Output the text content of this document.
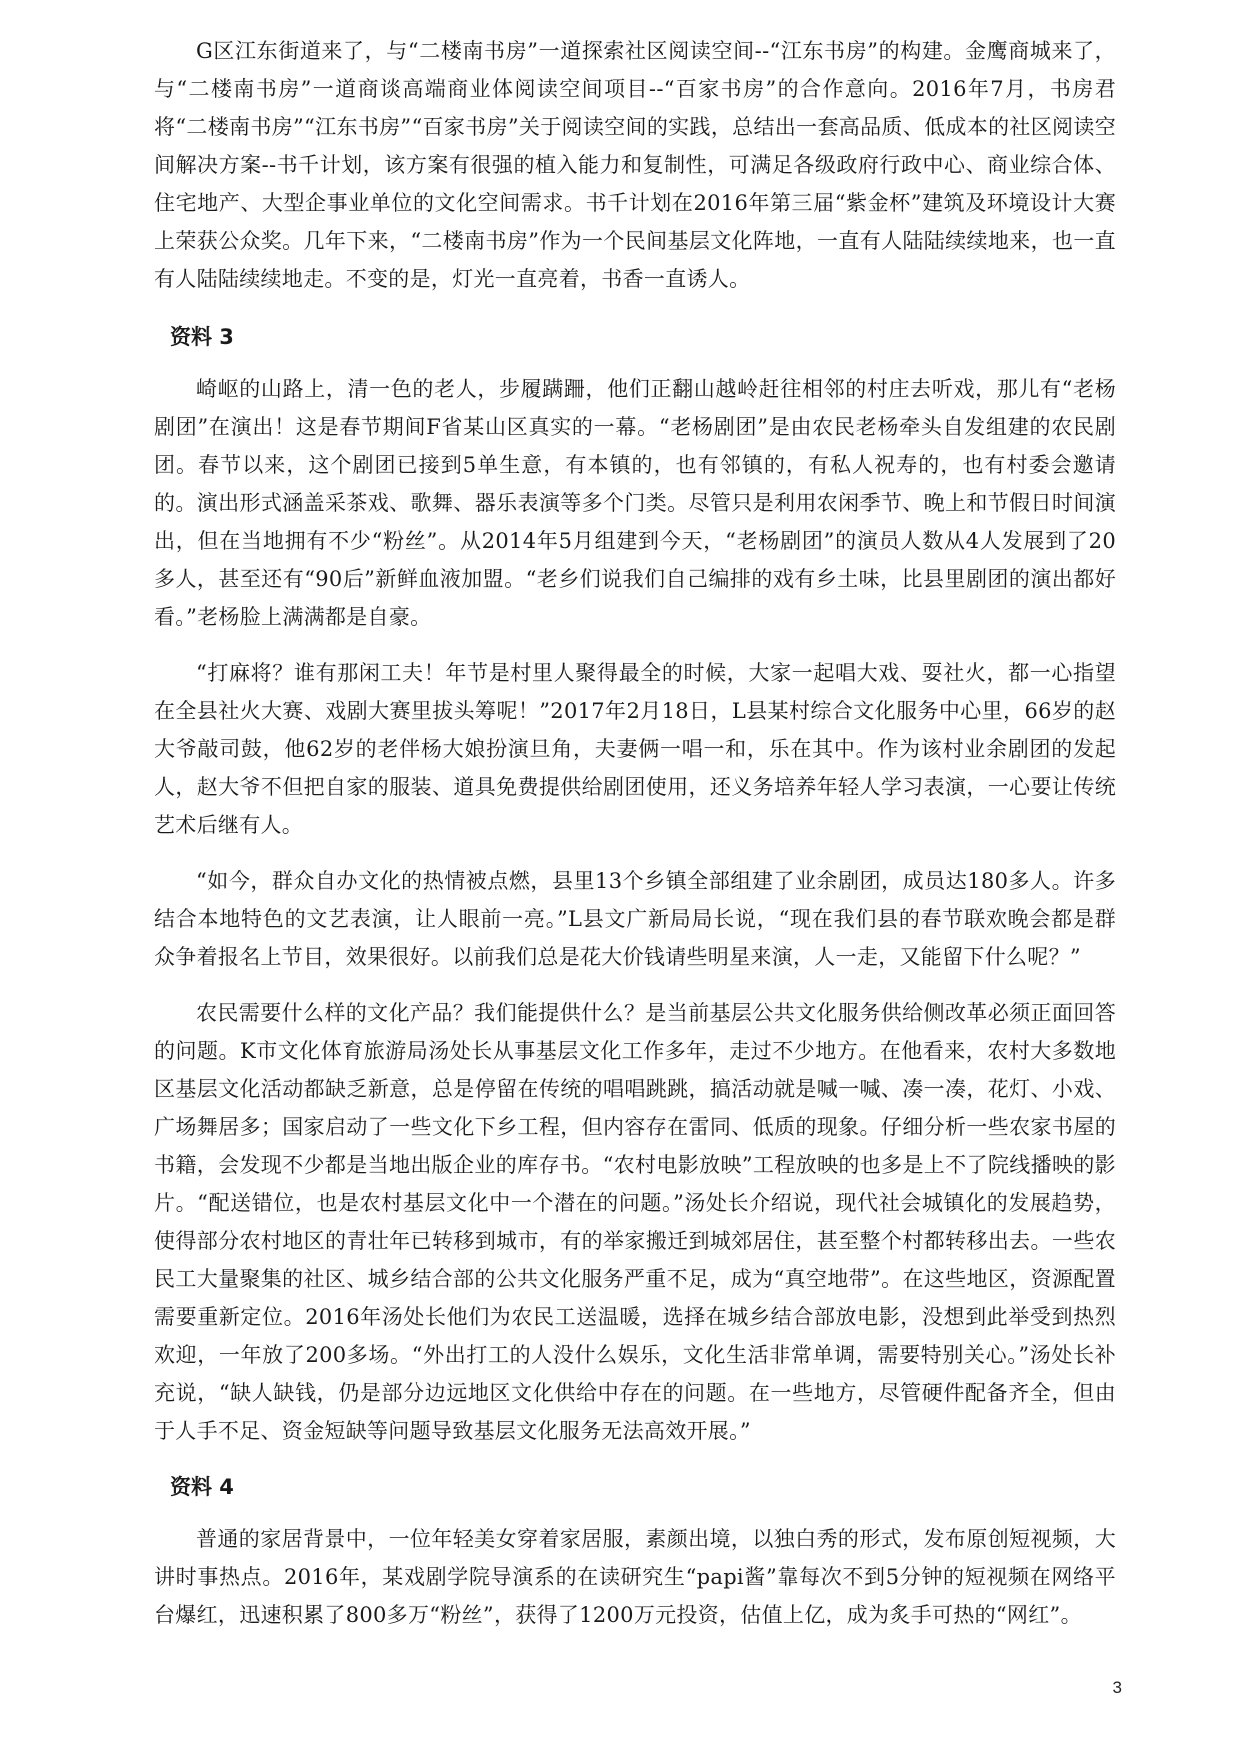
G区江东街道来了，与“二楼南书房”一道探索社区阅读空间--“江东书房”的构建。金鹰商城来了，与“二楼南书房”一道商谈高端商业体阅读空间项目--“百家书房”的合作意向。2016年7月，书房君将“二楼南书房”“江东书房”“百家书房”关于阅读空间的实践，总结出一套高品质、低成本的社区阅读空间解决方案--书千计划，该方案有很强的植入能力和复制性，可满足各级政府行政中心、商业综合体、住宅地产、大型企事业单位的文化空间需求。书千计划在2016年第三届“紫金杯”建筑及环境设计大赛上荣获公众奖。几年下来，“二楼南书房”作为一个民间基层文化阵地，一直有人陆陆续续地来，也一直有人陆陆续续地走。不变的是，灯光一直亮着，书香一直诱人。

资料 3

崎岖的山路上，清一色的老人，步履蹒跚，他们正翻山越岭赶往相邻的村庄去听戏，那儿有“老杨剧团”在演出！这是春节期间F省某山区真实的一幕。“老杨剧团”是由农民老杨牵头自发组建的农民剧团。春节以来，这个剧团已接到5单生意，有本镇的，也有邻镇的，有私人祝寿的，也有村委会邀请的。演出形式涵盖采茶戏、歌舞、器乐表演等多个门类。尽管只是利用农闲季节、晚上和节假日时间演出，但在当地拥有不少“粉丝”。从2014年5月组建到今天，“老杨剧团”的演员人数从4人发展到了20多人，甚至还有“90后”新鲜血液加盟。“老乡们说我们自己编排的戏有乡土味，比县里剧团的演出都好看。”老杨脸上满满都是自豪。

“打麻将？谁有那闲工夫！年节是村里人聚得最全的时候，大家一起唱大戏、耍社火，都一心指望在全县社火大赛、戏剧大赛里拔头筹呢！”2017年2月18日，L县某村综合文化服务中心里，66岁的赵大爷敲司鼓，他62岁的老伴杨大娘扮演旦角，夫妻俩一唱一和，乐在其中。作为该村业余剧团的发起人，赵大爷不但把自家的服装、道具免费提供给剧团使用，还义务培养年轻人学习表演，一心要让传统艺术后继有人。

“如今，群众自办文化的热情被点燃，县里13个乡镇全部组建了业余剧团，成员达180多人。许多结合本地特色的文艺表演，让人眼前一亮。”L县文广新局局长说，“现在我们县的春节联欢晚会都是群众争着报名上节目，效果很好。以前我们总是花大价钱请些明星来演，人一走，又能留下什么呢？”

农民需要什么样的文化产品？我们能提供什么？是当前基层公共文化服务供给侧改革必须正面回答的问题。K市文化体育旅游局汤处长从事基层文化工作多年，走过不少地方。在他看来，农村大多数地区基层文化活动都缺乏新意，总是停留在传统的唱唱跳跳，搞活动就是喊一喊、凑一凑，花灯、小戏、广场舞居多；国家启动了一些文化下乡工程，但内容存在雷同、低质的现象。仔细分析一些农家书屋的书籍，会发现不少都是当地出版企业的库存书。“农村电影放映”工程放映的也多是上不了院线播映的影片。“配送错位，也是农村基层文化中一个潜在的问题。”汤处长介绍说，现代社会城镇化的发展趋势，使得部分农村地区的青壮年已转移到城市，有的举家搬迁到城郊居住，甚至整个村都转移出去。一些农民工大量聚集的社区、城乡结合部的公共文化服务严重不足，成为“真空地带”。在这些地区，资源配置需要重新定位。2016年汤处长他们为农民工送温暖，选择在城乡结合部放电影，没想到此举受到热烈欢迎，一年放了200多场。“外出打工的人没什么娱乐，文化生活非常单调，需要特别关心。”汤处长补充说，“缺人缺钱，仍是部分边远地区文化供给中存在的问题。在一些地方，尽管硬件配备齐全，但由于人手不足、资金短缺等问题导致基层文化服务无法高效开展。”

资料 4

普通的家居背景中，一位年轻美女穿着家居服，素颜出境，以独白秀的形式，发布原创短视频，大讲时事热点。2016年，某戏剧学院导演系的在读研究生“papi酱”靠每次不到5分钟的短视频在网络平台爆红，迅速积累了800多万“粉丝”，获得了1200万元投资，估值上亿，成为炙手可热的“网红”。

3
